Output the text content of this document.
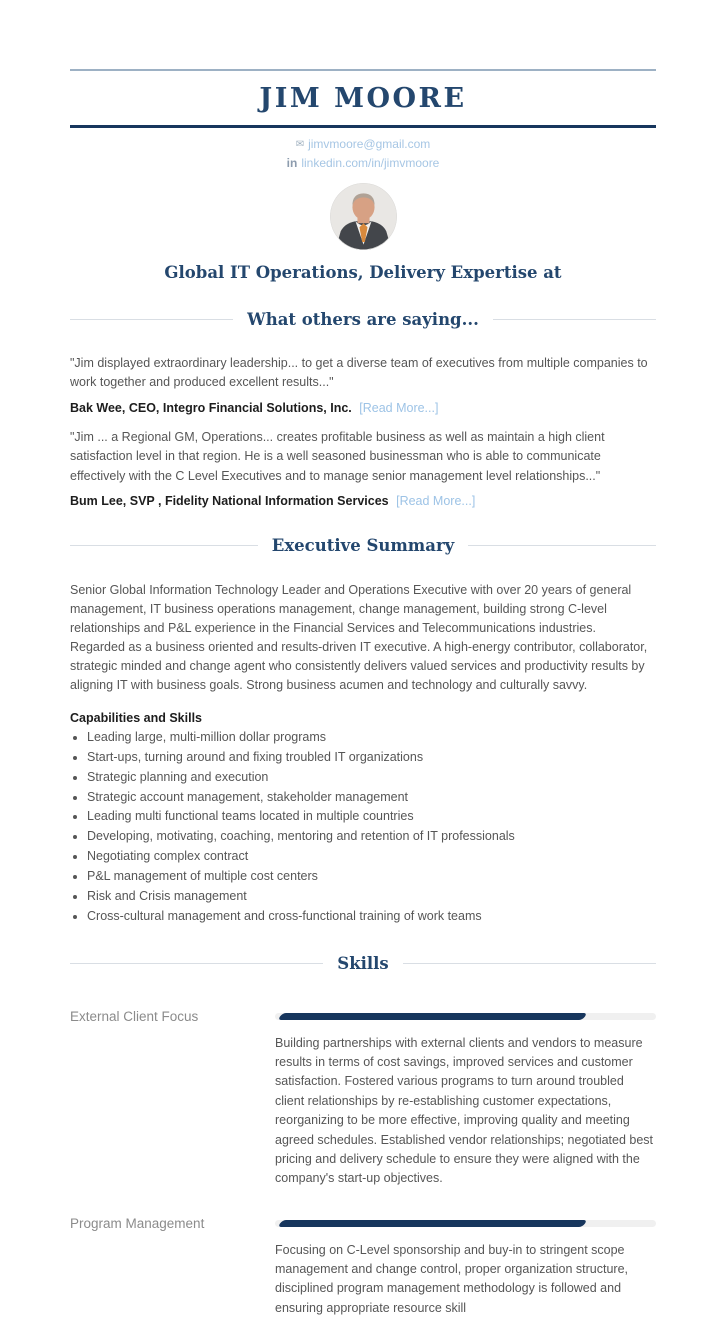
JIM MOORE
✉ jimvmoore@gmail.com
in linkedin.com/in/jimvmoore
Global IT Operations, Delivery Expertise at
What others are saying...

"Jim displayed extraordinary leadership... to get a diverse team of executives from multiple companies to work together and produced excellent results..."

Bak Wee, CEO, Integro Financial Solutions, Inc. [Read More...]

"Jim ... a Regional GM, Operations... creates profitable business as well as maintain a high client satisfaction level in that region. He is a well seasoned businessman who is able to communicate effectively with the C Level Executives and to manage senior management level relationships..."

Bum Lee, SVP , Fidelity National Information Services [Read More...]

Executive Summary

Senior Global Information Technology Leader and Operations Executive with over 20 years of general management, IT business operations management, change management, building strong C-level relationships and P&L experience in the Financial Services and Telecommunications industries.

Regarded as a business oriented and results-driven IT executive. A high-energy contributor, collaborator, strategic minded and change agent who consistently delivers valued services and productivity results by aligning IT with business goals. Strong business acumen and technology and culturally savvy.

Capabilities and Skills
• Leading large, multi-million dollar programs
• Start-ups, turning around and fixing troubled IT organizations
• Strategic planning and execution
• Strategic account management, stakeholder management
• Leading multi functional teams located in multiple countries
• Developing, motivating, coaching, mentoring and retention of IT professionals
• Negotiating complex contract
• P&L management of multiple cost centers
• Risk and Crisis management
• Cross-cultural management and cross-functional training of work teams
Skills
External Client Focus
Building partnerships with external clients and vendors to measure results in terms of cost savings, improved services and customer satisfaction. Fostered various programs to turn around troubled client relationships by re-establishing customer expectations, reorganizing to be more effective, improving quality and meeting agreed schedules. Established vendor relationships; negotiated best pricing and delivery schedule to ensure they were aligned with the company's start-up objectives.
Program Management
Focusing on C-Level sponsorship and buy-in to stringent scope management and change control, proper organization structure, disciplined program management methodology is followed and ensuring appropriate resource skill
